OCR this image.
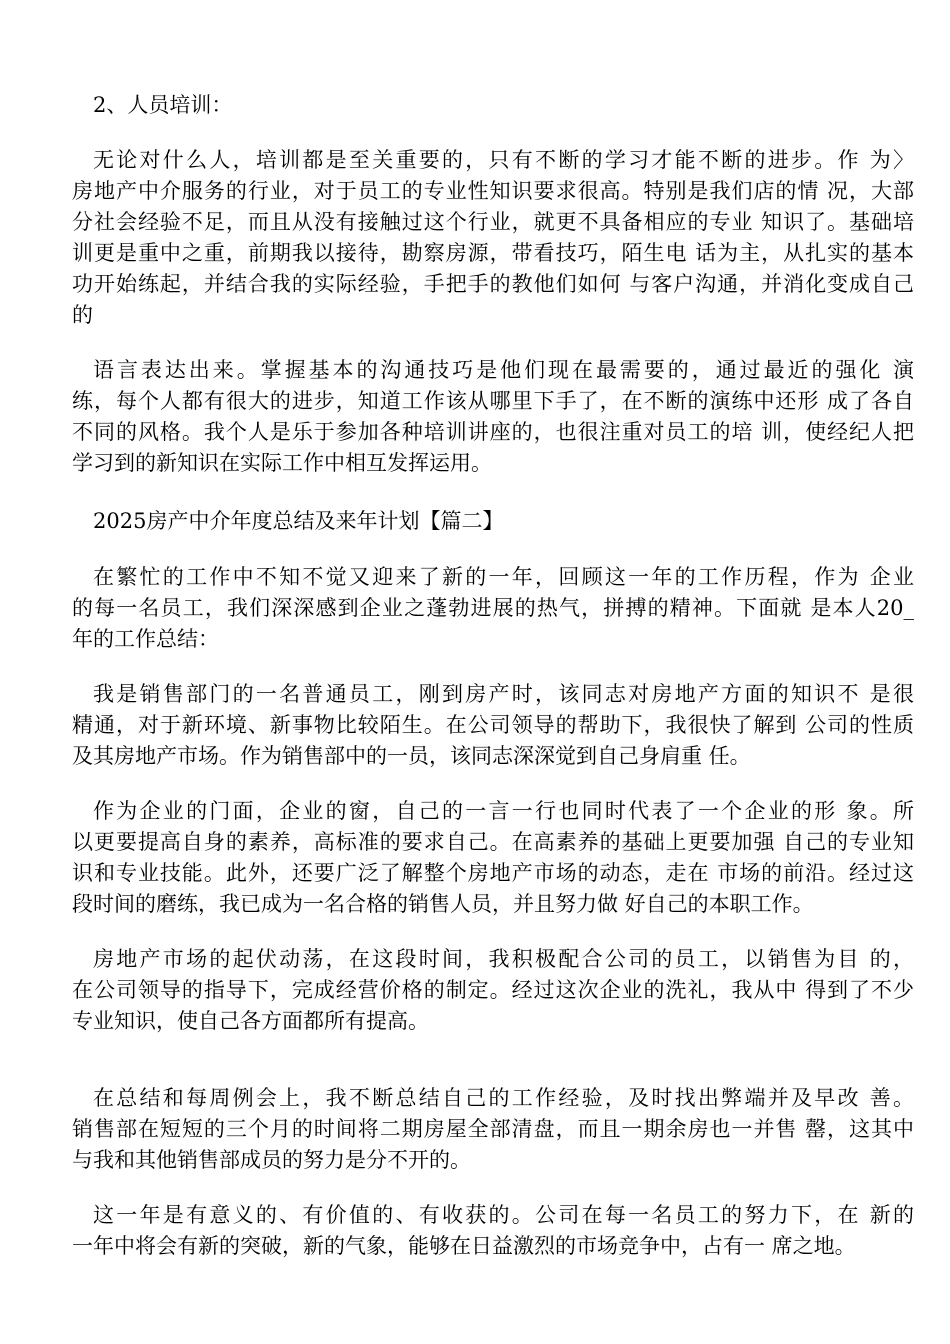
2、人员培训：
无论对什么人，培训都是至关重要的，只有不断的学习才能不断的进步。作 为〉
房地产中介服务的行业，对于员工的专业性知识要求很高。特别是我们店的情 况，大部
分社会经验不足，而且从没有接触过这个行业，就更不具备相应的专业 知识了。基础培
训更是重中之重，前期我以接待，勘察房源，带看技巧，陌生电 话为主，从扎实的基本
功开始练起，并结合我的实际经验，手把手的教他们如何 与客户沟通，并消化变成自己
的
语言表达出来。掌握基本的沟通技巧是他们现在最需要的，通过最近的强化 演
练，每个人都有很大的进步，知道工作该从哪里下手了，在不断的演练中还形 成了各自
不同的风格。我个人是乐于参加各种培训讲座的，也很注重对员工的培 训，使经纪人把
学习到的新知识在实际工作中相互发挥运用。
2025房产中介年度总结及来年计划【篇二】
在繁忙的工作中不知不觉又迎来了新的一年，回顾这一年的工作历程，作为 企业
的每一名员工，我们深深感到企业之蓬勃进展的热气，拼搏的精神。下面就 是本人20_
年的工作总结：
我是销售部门的一名普通员工，刚到房产时，该同志对房地产方面的知识不 是很
精通，对于新环境、新事物比较陌生。在公司领导的帮助下，我很快了解到 公司的性质
及其房地产市场。作为销售部中的一员，该同志深深觉到自己身肩重 任。
作为企业的门面，企业的窗，自己的一言一行也同时代表了一个企业的形 象。所
以更要提高自身的素养，高标准的要求自己。在高素养的基础上更要加强 自己的专业知
识和专业技能。此外，还要广泛了解整个房地产市场的动态，走在 市场的前沿。经过这
段时间的磨练，我已成为一名合格的销售人员，并且努力做 好自己的本职工作。
房地产市场的起伏动荡，在这段时间，我积极配合公司的员工，以销售为目 的，
在公司领导的指导下，完成经营价格的制定。经过这次企业的洗礼，我从中 得到了不少
专业知识，使自己各方面都所有提高。
在总结和每周例会上，我不断总结自己的工作经验，及时找出弊端并及早改 善。
销售部在短短的三个月的时间将二期房屋全部清盘，而且一期余房也一并售 罄，这其中
与我和其他销售部成员的努力是分不开的。
这一年是有意义的、有价值的、有收获的。公司在每一名员工的努力下，在 新的
一年中将会有新的突破，新的气象，能够在日益激烈的市场竞争中，占有一 席之地。
